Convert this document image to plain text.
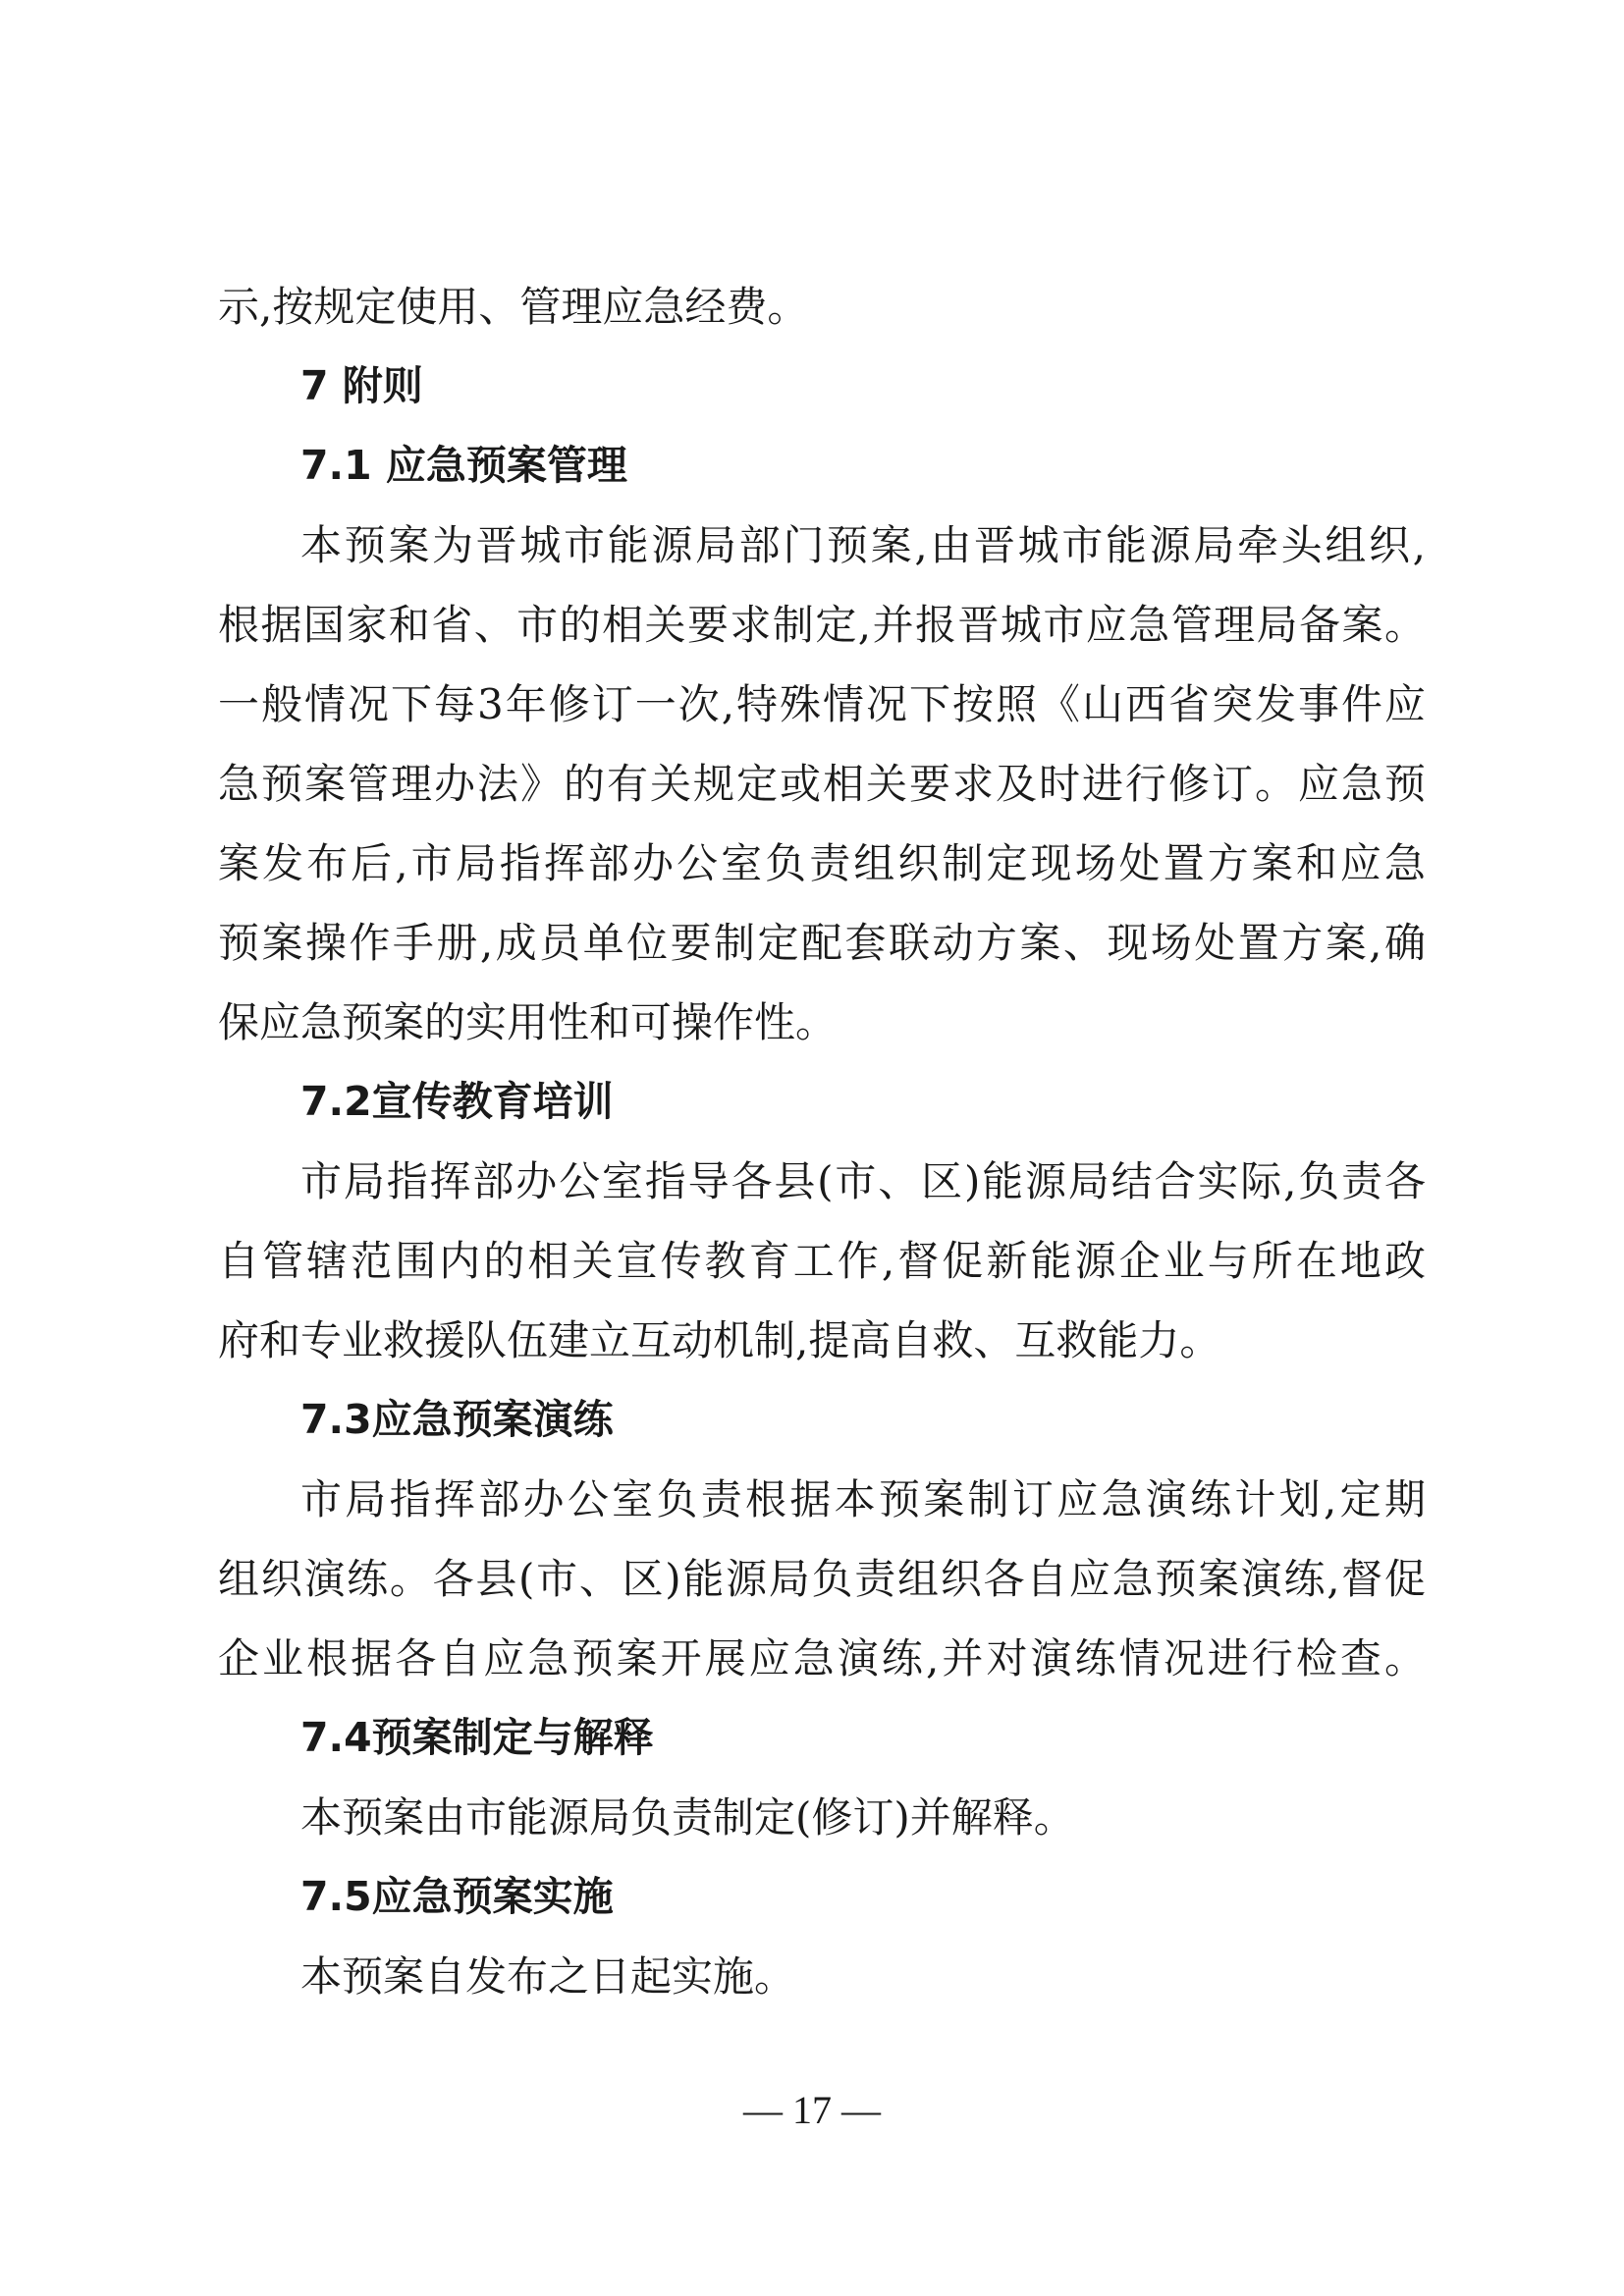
示,按规定使用、管理应急经费。
7 附则
7.1 应急预案管理
本预案为晋城市能源局部门预案,由晋城市能源局牵头组织,
根据国家和省、市的相关要求制定,并报晋城市应急管理局备案。
一般情况下每3年修订一次,特殊情况下按照《山西省突发事件应
急预案管理办法》的有关规定或相关要求及时进行修订。应急预
案发布后,市局指挥部办公室负责组织制定现场处置方案和应急
预案操作手册,成员单位要制定配套联动方案、现场处置方案,确
保应急预案的实用性和可操作性。
7.2宣传教育培训
市局指挥部办公室指导各县(市、区)能源局结合实际,负责各
自管辖范围内的相关宣传教育工作,督促新能源企业与所在地政
府和专业救援队伍建立互动机制,提高自救、互救能力。
7.3应急预案演练
市局指挥部办公室负责根据本预案制订应急演练计划,定期
组织演练。各县(市、区)能源局负责组织各自应急预案演练,督促
企业根据各自应急预案开展应急演练,并对演练情况进行检查。
7.4预案制定与解释
本预案由市能源局负责制定(修订)并解释。
7.5应急预案实施
本预案自发布之日起实施。
— 17 —
